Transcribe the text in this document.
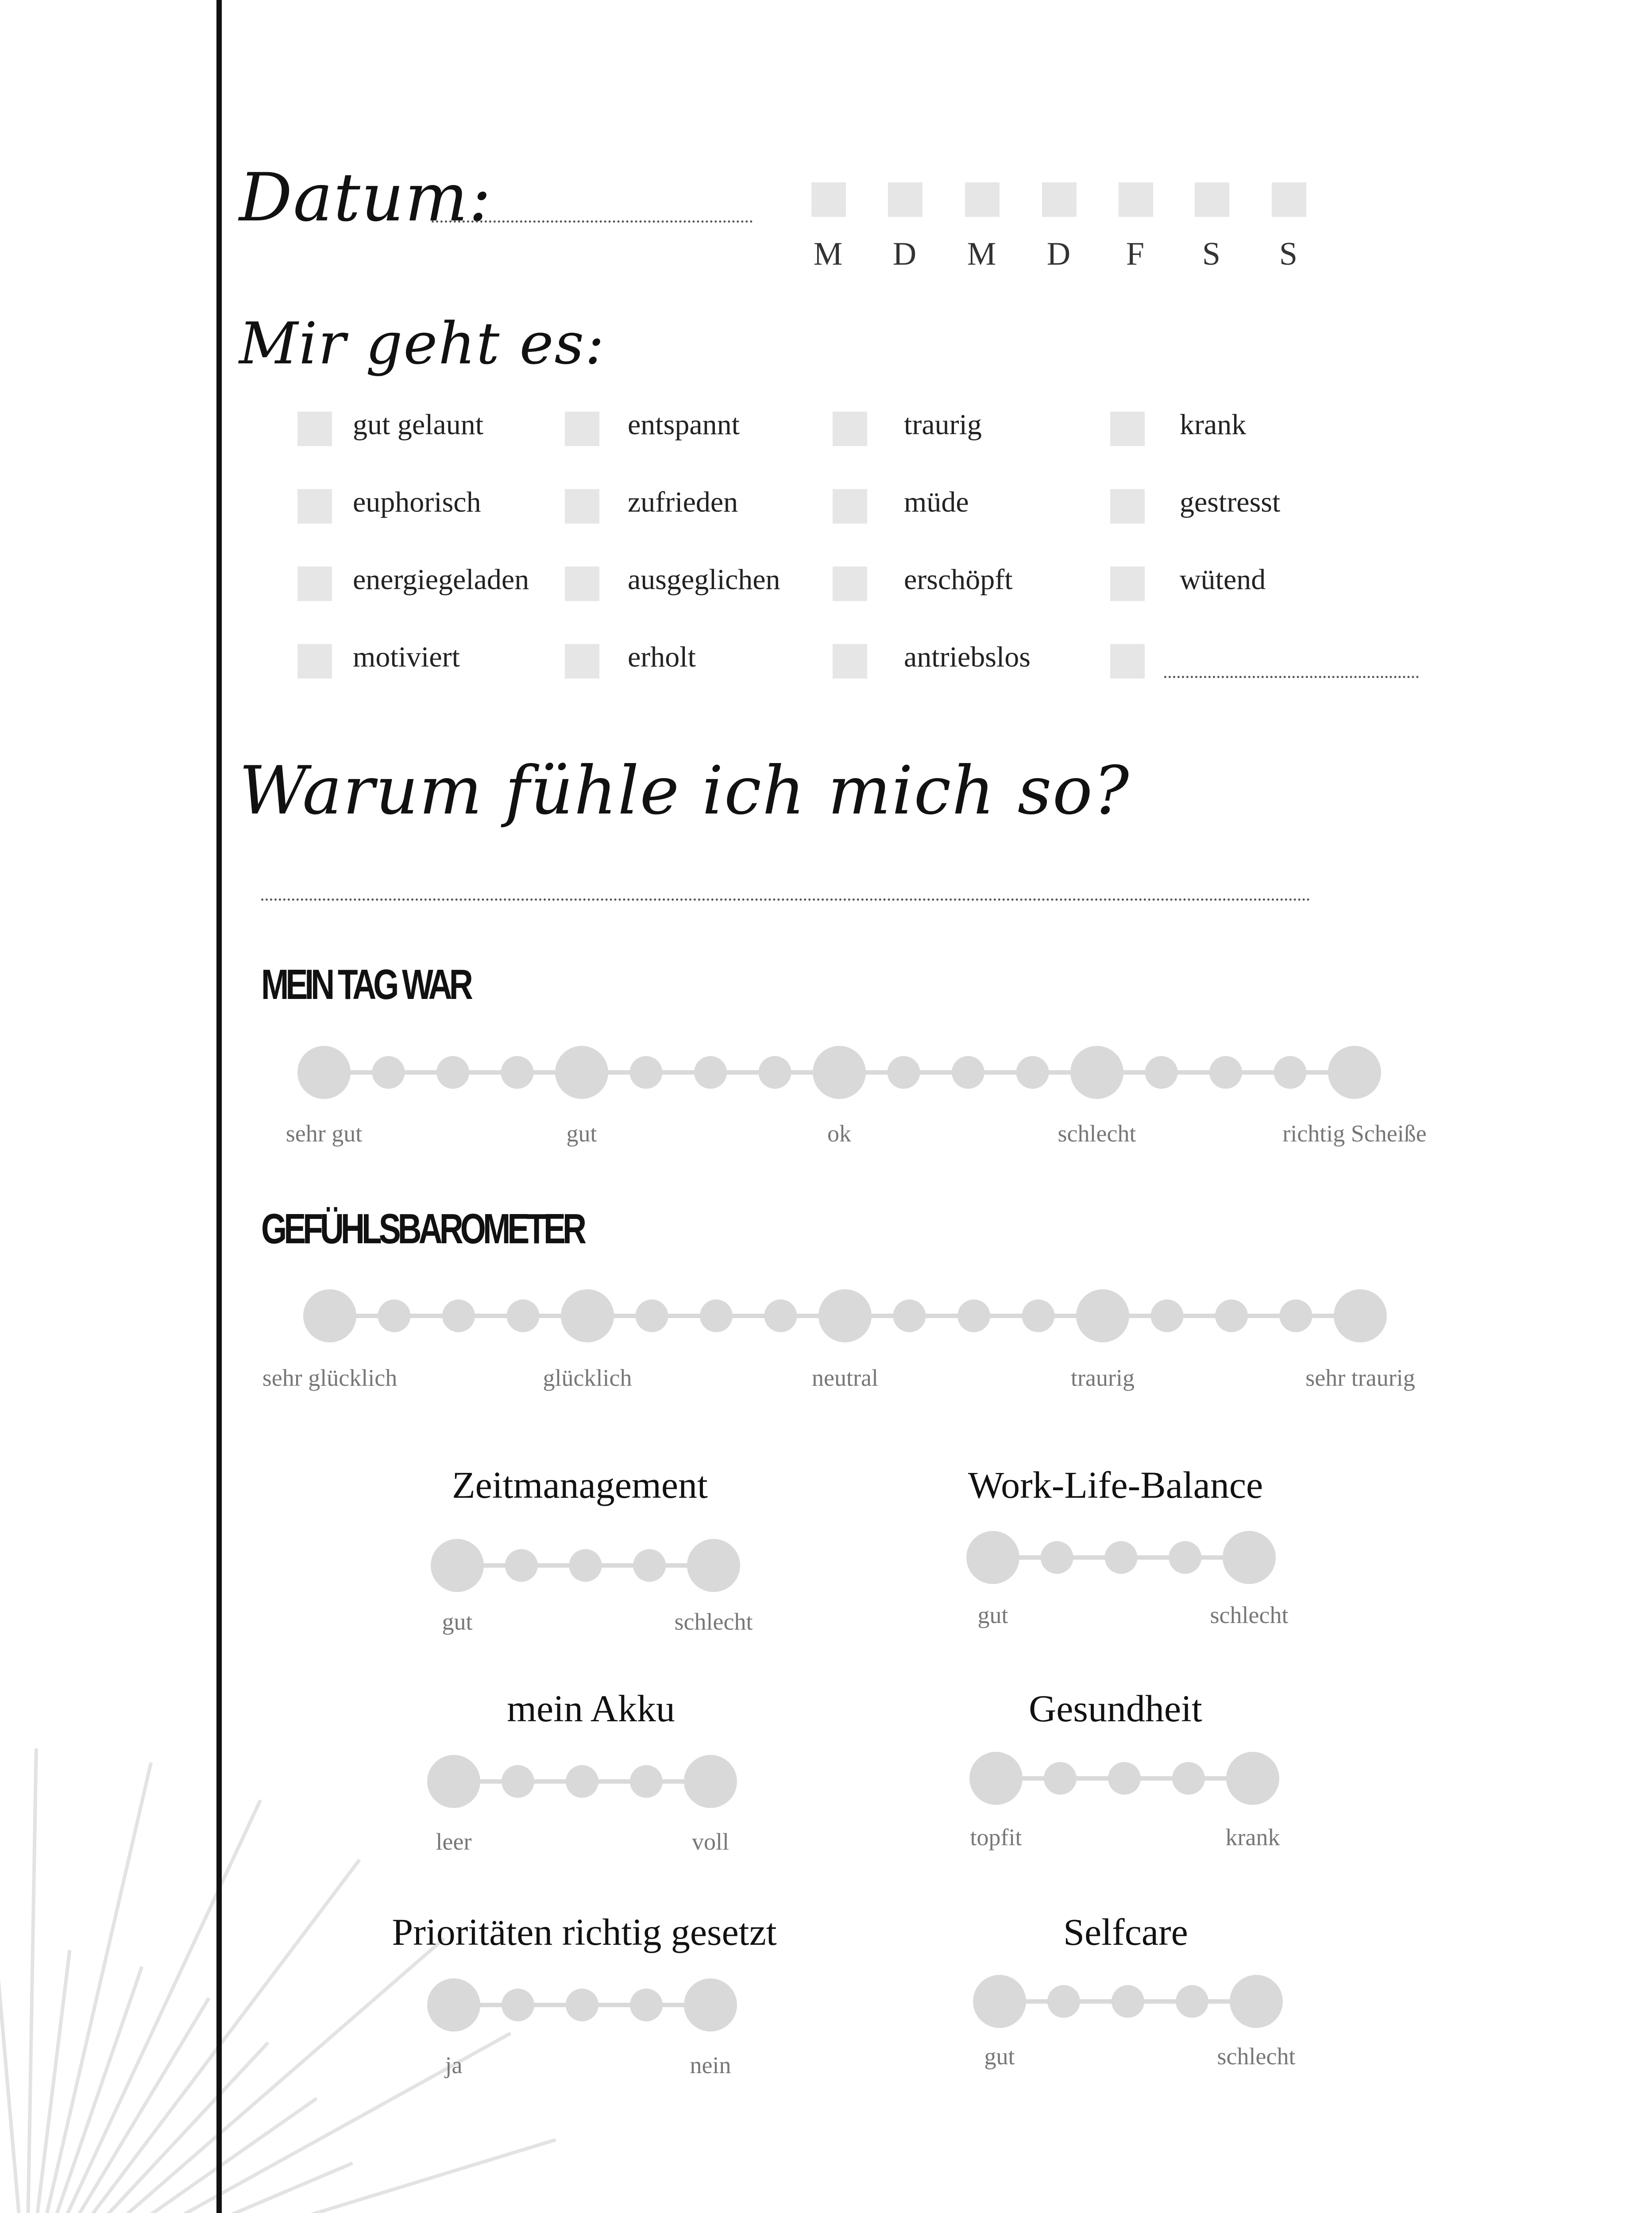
Datum:
M D M D F S S
Mir geht es:
gut gelaunt	entspannt	traurig	krank
euphorisch	zufrieden	müde	gestresst
energiegeladen	ausgeglichen	erschöpft	wütend
motiviert	erholt	antriebslos
Warum fühle ich mich so?
MEIN TAG WAR
sehr gut	gut	ok	schlecht	richtig Scheiße
GEFÜHLSBAROMETER
sehr glücklich	glücklich	neutral	traurig	sehr traurig
Zeitmanagement
gut	schlecht
Work-Life-Balance
gut	schlecht
mein Akku
leer	voll
Gesundheit
topfit	krank
Prioritäten richtig gesetzt
ja	nein
Selfcare
gut	schlecht
